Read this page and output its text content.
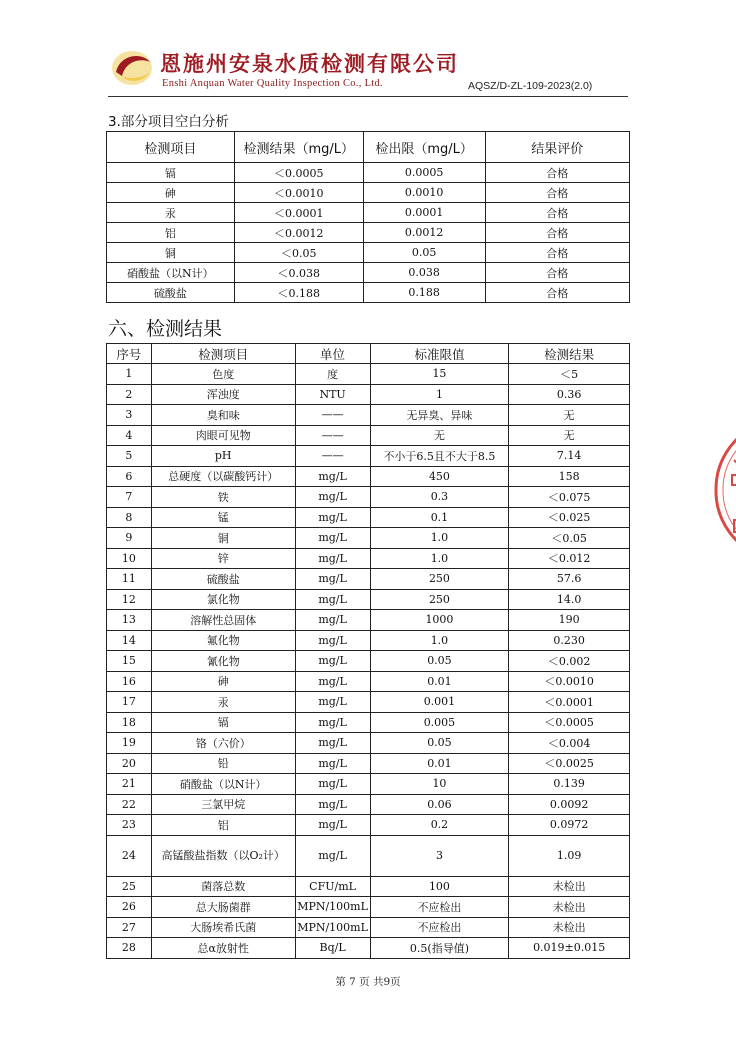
恩施州安泉水质检测有限公司
Enshi Anquan Water Quality Inspection Co., Ltd.	AQSZ/D-ZL-109-2023(2.0)
3.部分项目空白分析
检测项目	检测结果（mg/L）	检出限（mg/L）	结果评价
镉	＜0.0005	0.0005	合格
砷	＜0.0010	0.0010	合格
汞	＜0.0001	0.0001	合格
铝	＜0.0012	0.0012	合格
铜	＜0.05	0.05	合格
硝酸盐（以N计）	＜0.038	0.038	合格
硫酸盐	＜0.188	0.188	合格
六、检测结果
序号	检测项目	单位	标准限值	检测结果
1	色度	度	15	＜5
2	浑浊度	NTU	1	0.36
3	臭和味	——	无异臭、异味	无
4	肉眼可见物	——	无	无
5	pH	——	不小于6.5且不大于8.5	7.14
6	总硬度（以碳酸钙计）	mg/L	450	158
7	铁	mg/L	0.3	＜0.075
8	锰	mg/L	0.1	＜0.025
9	铜	mg/L	1.0	＜0.05
10	锌	mg/L	1.0	＜0.012
11	硫酸盐	mg/L	250	57.6
12	氯化物	mg/L	250	14.0
13	溶解性总固体	mg/L	1000	190
14	氟化物	mg/L	1.0	0.230
15	氰化物	mg/L	0.05	＜0.002
16	砷	mg/L	0.01	＜0.0010
17	汞	mg/L	0.001	＜0.0001
18	镉	mg/L	0.005	＜0.0005
19	铬（六价）	mg/L	0.05	＜0.004
20	铅	mg/L	0.01	＜0.0025
21	硝酸盐（以N计）	mg/L	10	0.139
22	三氯甲烷	mg/L	0.06	0.0092
23	铝	mg/L	0.2	0.0972
24	高锰酸盐指数（以O₂计）	mg/L	3	1.09
25	菌落总数	CFU/mL	100	未检出
26	总大肠菌群	MPN/100mL	不应检出	未检出
27	大肠埃希氏菌	MPN/100mL	不应检出	未检出
28	总α放射性	Bq/L	0.5(指导值)	0.019±0.015
第 7 页 共9页
